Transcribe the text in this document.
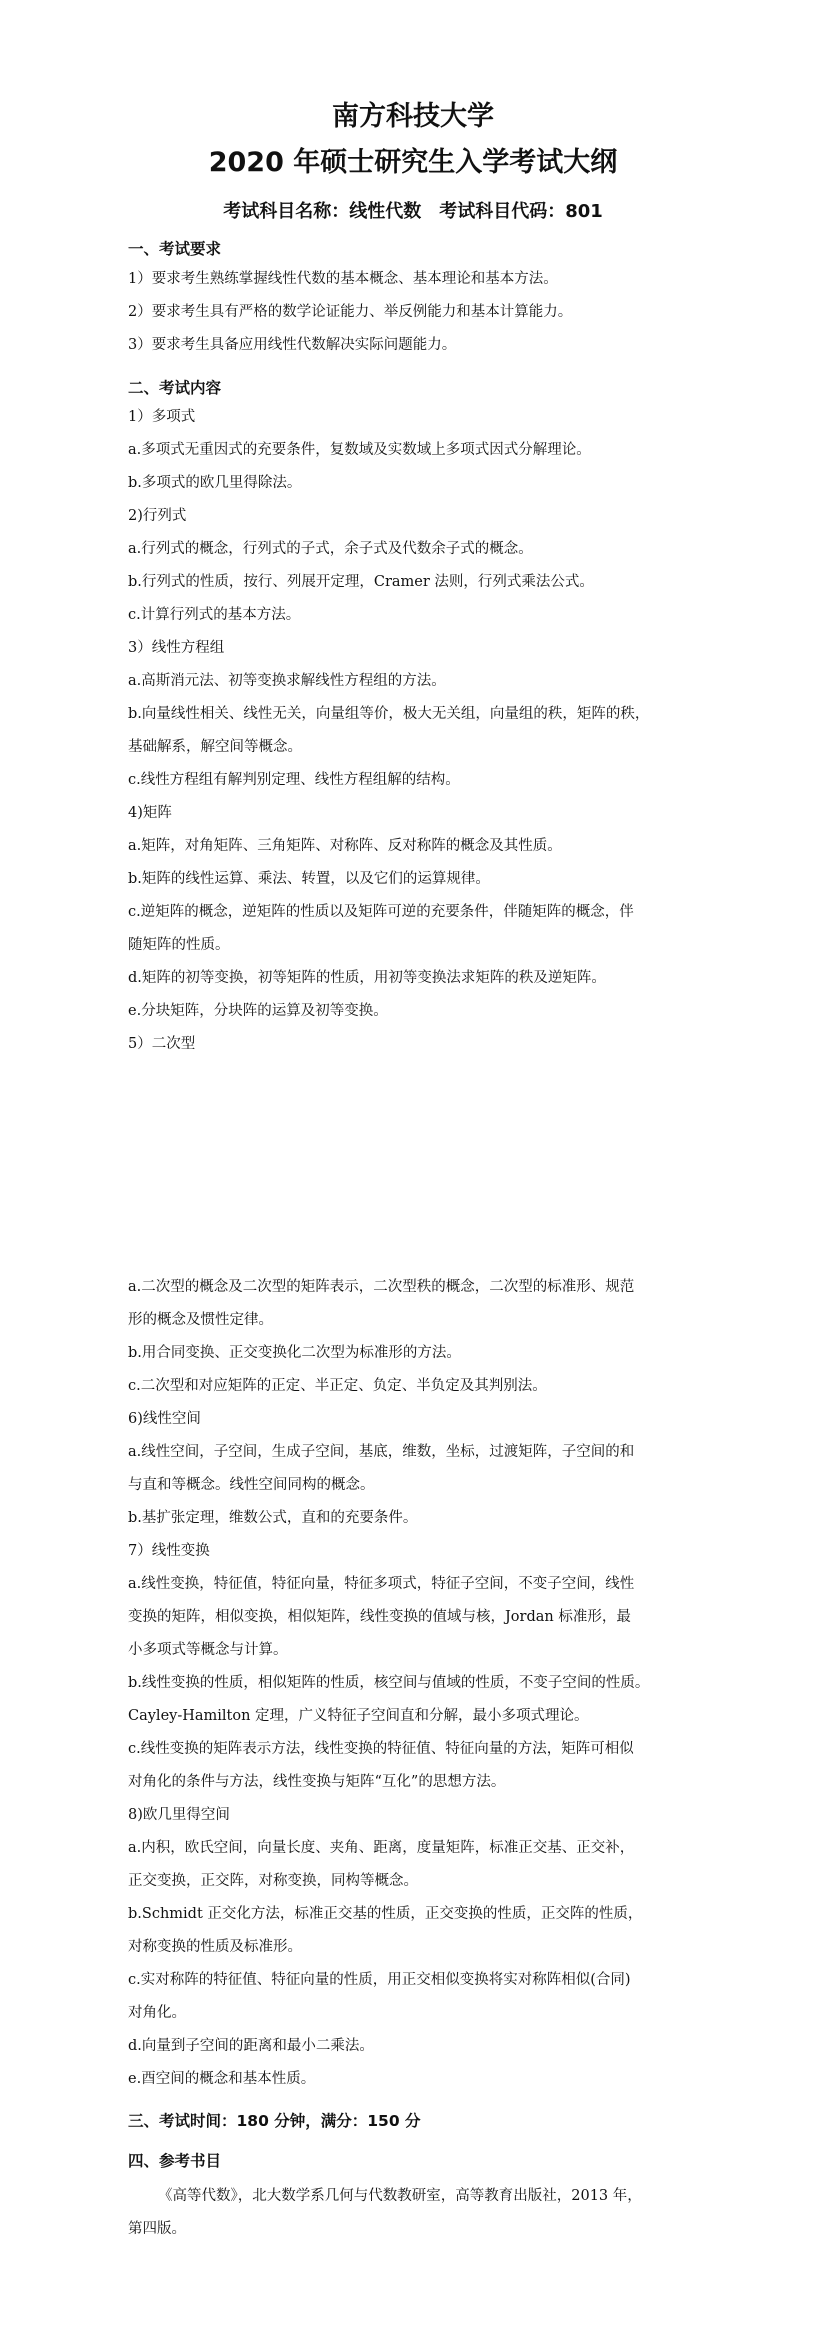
南方科技大学
2020 年硕士研究生入学考试大纲
考试科目名称：线性代数　考试科目代码：801
一、考试要求
1）要求考生熟练掌握线性代数的基本概念、基本理论和基本方法。
2）要求考生具有严格的数学论证能力、举反例能力和基本计算能力。
3）要求考生具备应用线性代数解决实际问题能力。
二、考试内容
1）多项式
a.多项式无重因式的充要条件，复数域及实数域上多项式因式分解理论。
b.多项式的欧几里得除法。
2)行列式
a.行列式的概念，行列式的子式，余子式及代数余子式的概念。
b.行列式的性质，按行、列展开定理，Cramer 法则，行列式乘法公式。
c.计算行列式的基本方法。
3）线性方程组
a.高斯消元法、初等变换求解线性方程组的方法。
b.向量线性相关、线性无关，向量组等价，极大无关组，向量组的秩，矩阵的秩，
基础解系，解空间等概念。
c.线性方程组有解判别定理、线性方程组解的结构。
4)矩阵
a.矩阵，对角矩阵、三角矩阵、对称阵、反对称阵的概念及其性质。
b.矩阵的线性运算、乘法、转置，以及它们的运算规律。
c.逆矩阵的概念，逆矩阵的性质以及矩阵可逆的充要条件，伴随矩阵的概念，伴
随矩阵的性质。
d.矩阵的初等变换，初等矩阵的性质，用初等变换法求矩阵的秩及逆矩阵。
e.分块矩阵，分块阵的运算及初等变换。
5）二次型
a.二次型的概念及二次型的矩阵表示，二次型秩的概念，二次型的标准形、规范
形的概念及惯性定律。
b.用合同变换、正交变换化二次型为标准形的方法。
c.二次型和对应矩阵的正定、半正定、负定、半负定及其判别法。
6)线性空间
a.线性空间，子空间，生成子空间，基底，维数，坐标，过渡矩阵，子空间的和
与直和等概念。线性空间同构的概念。
b.基扩张定理，维数公式，直和的充要条件。
7）线性变换
a.线性变换，特征值，特征向量，特征多项式，特征子空间，不变子空间，线性
变换的矩阵，相似变换，相似矩阵，线性变换的值域与核，Jordan 标准形，最
小多项式等概念与计算。
b.线性变换的性质，相似矩阵的性质，核空间与值域的性质，不变子空间的性质。
Cayley-Hamilton 定理，广义特征子空间直和分解，最小多项式理论。
c.线性变换的矩阵表示方法，线性变换的特征值、特征向量的方法，矩阵可相似
对角化的条件与方法，线性变换与矩阵“互化”的思想方法。
8)欧几里得空间
a.内积，欧氏空间，向量长度、夹角、距离，度量矩阵，标准正交基、正交补，
正交变换，正交阵，对称变换，同构等概念。
b.Schmidt 正交化方法，标准正交基的性质，正交变换的性质，正交阵的性质，
对称变换的性质及标准形。
c.实对称阵的特征值、特征向量的性质，用正交相似变换将实对称阵相似(合同)
对角化。
d.向量到子空间的距离和最小二乘法。
e.酉空间的概念和基本性质。
三、考试时间：180 分钟，满分：150 分
四、参考书目
《高等代数》，北大数学系几何与代数教研室，高等教育出版社，2013 年，
第四版。
